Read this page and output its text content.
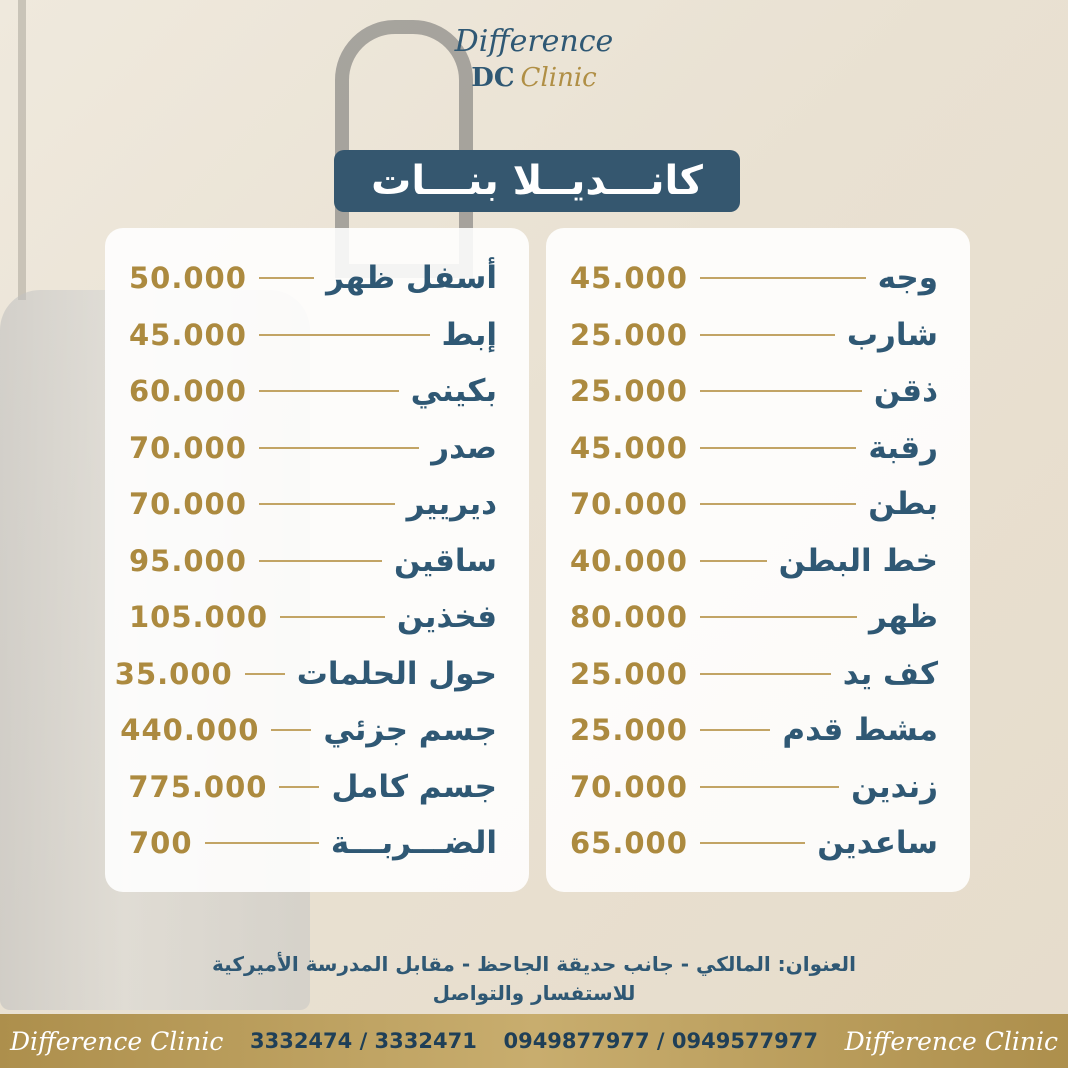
Difference
DC Clinic
كانـــديــلا بنـــات
وجه
45.000
شارب
25.000
ذقن
25.000
رقبة
45.000
بطن
70.000
خط البطن
40.000
ظهر
80.000
كف يد
25.000
مشط قدم
25.000
زندين
70.000
ساعدين
65.000
أسفل ظهر
50.000
إبط
45.000
بكيني
60.000
صدر
70.000
ديريير
70.000
ساقين
95.000
فخذين
105.000
حول الحلمات
35.000
جسم جزئي
440.000
جسم كامل
775.000
الضـــربـــة
700
العنوان: المالكي - جانب حديقة الجاحظ - مقابل المدرسة الأميركية
للاستفسار والتواصل
Difference Clinic 3332474 / 3332471 0949877977 / 0949577977 Difference Clinic
